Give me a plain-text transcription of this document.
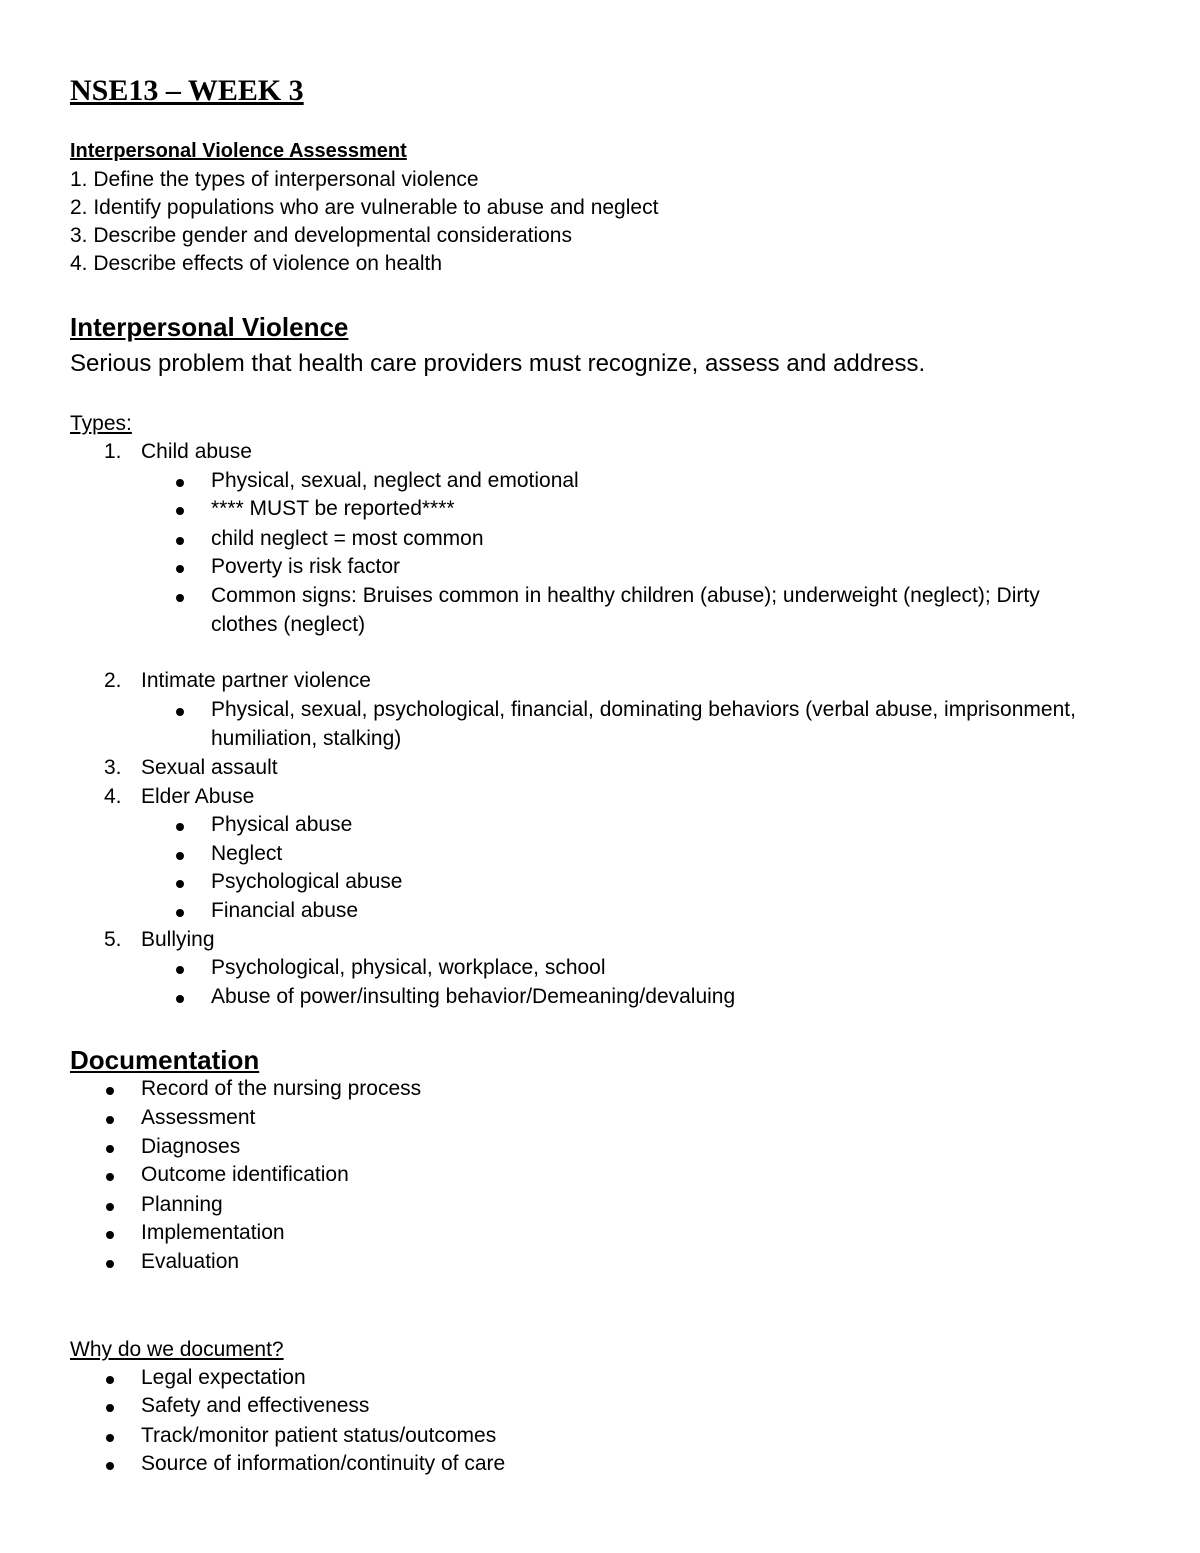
NSE13 – WEEK 3
Interpersonal Violence Assessment
1. Define the types of interpersonal violence
2. Identify populations who are vulnerable to abuse and neglect
3. Describe gender and developmental considerations
4. Describe effects of violence on health
Interpersonal Violence
Serious problem that health care providers must recognize, assess and address.
Types:
1. Child abuse
Physical, sexual, neglect and emotional
**** MUST be reported****
child neglect = most common
Poverty is risk factor
Common signs: Bruises common in healthy children (abuse); underweight (neglect); Dirty
clothes (neglect)
2. Intimate partner violence
Physical, sexual, psychological, financial, dominating behaviors (verbal abuse, imprisonment,
humiliation, stalking)
3. Sexual assault
4. Elder Abuse
Physical abuse
Neglect
Psychological abuse
Financial abuse
5. Bullying
Psychological, physical, workplace, school
Abuse of power/insulting behavior/Demeaning/devaluing
Documentation
Record of the nursing process
Assessment
Diagnoses
Outcome identification
Planning
Implementation
Evaluation
Why do we document?
Legal expectation
Safety and effectiveness
Track/monitor patient status/outcomes
Source of information/continuity of care
